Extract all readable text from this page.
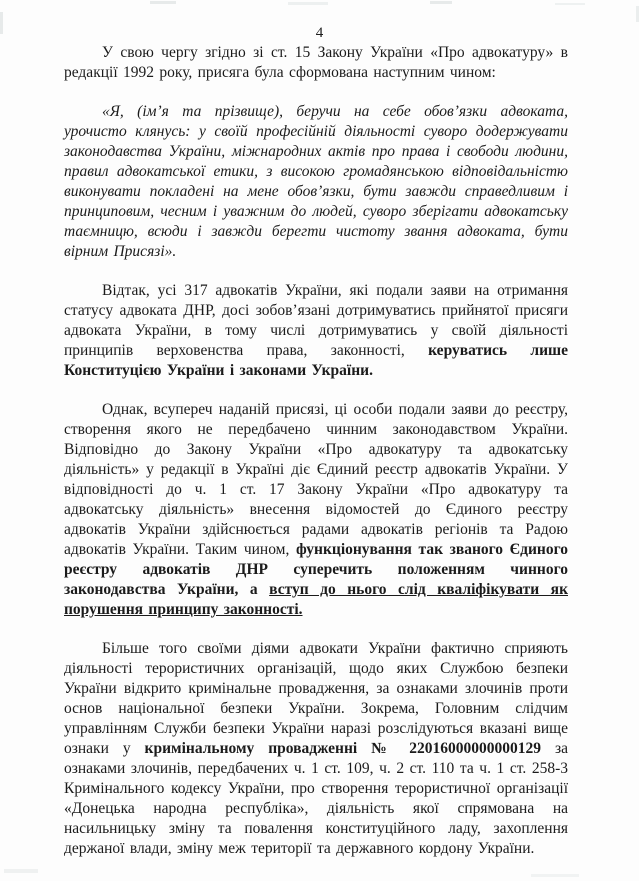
4

У свою чергу згідно зі ст. 15 Закону України «Про адвокатуру» в редакції 1992 року, присяга була сформована наступним чином:

«Я, (ім’я та прізвище), беручи на себе обов’язки адвоката, урочисто клянусь: у своїй професійній діяльності суворо додержувати законодавства України, міжнародних актів про права і свободи людини, правил адвокатської етики, з високою громадянською відповідальністю виконувати покладені на мене обов’язки, бути завжди справедливим і принциповим, чесним і уважним до людей, суворо зберігати адвокатську таємницю, всюди і завжди берегти чистоту звання адвоката, бути вірним Присязі».

Відтак, усі 317 адвокатів України, які подали заяви на отримання статусу адвоката ДНР, досі зобов’язані дотримуватись прийнятої присяги адвоката України, в тому числі дотримуватись у своїй діяльності принципів верховенства права, законності, керуватись лише Конституцією України і законами України.

Однак, всупереч наданій присязі, ці особи подали заяви до реєстру, створення якого не передбачено чинним законодавством України. Відповідно до Закону України «Про адвокатуру та адвокатську діяльність» у редакції в Україні діє Єдиний реєстр адвокатів України. У відповідності до ч. 1 ст. 17 Закону України «Про адвокатуру та адвокатську діяльність» внесення відомостей до Єдиного реєстру адвокатів України здійснюється радами адвокатів регіонів та Радою адвокатів України. Таким чином, функціонування так званого Єдиного реєстру адвокатів ДНР суперечить положенням чинного законодавства України, а вступ до нього слід кваліфікувати як порушення принципу законності.

Більше того своїми діями адвокати України фактично сприяють діяльності терористичних організацій, щодо яких Службою безпеки України відкрито кримінальне провадження, за ознаками злочинів проти основ національної безпеки України. Зокрема, Головним слідчим управлінням Служби безпеки України наразі розслідуються вказані вище ознаки у кримінальному провадженні № 22016000000000129 за ознаками злочинів, передбачених ч. 1 ст. 109, ч. 2 ст. 110 та ч. 1 ст. 258-3 Кримінального кодексу України, про створення терористичної організації «Донецька народна республіка», діяльність якої спрямована на насильницьку зміну та повалення конституційного ладу, захоплення держаної влади, зміну меж території та державного кордону України.
